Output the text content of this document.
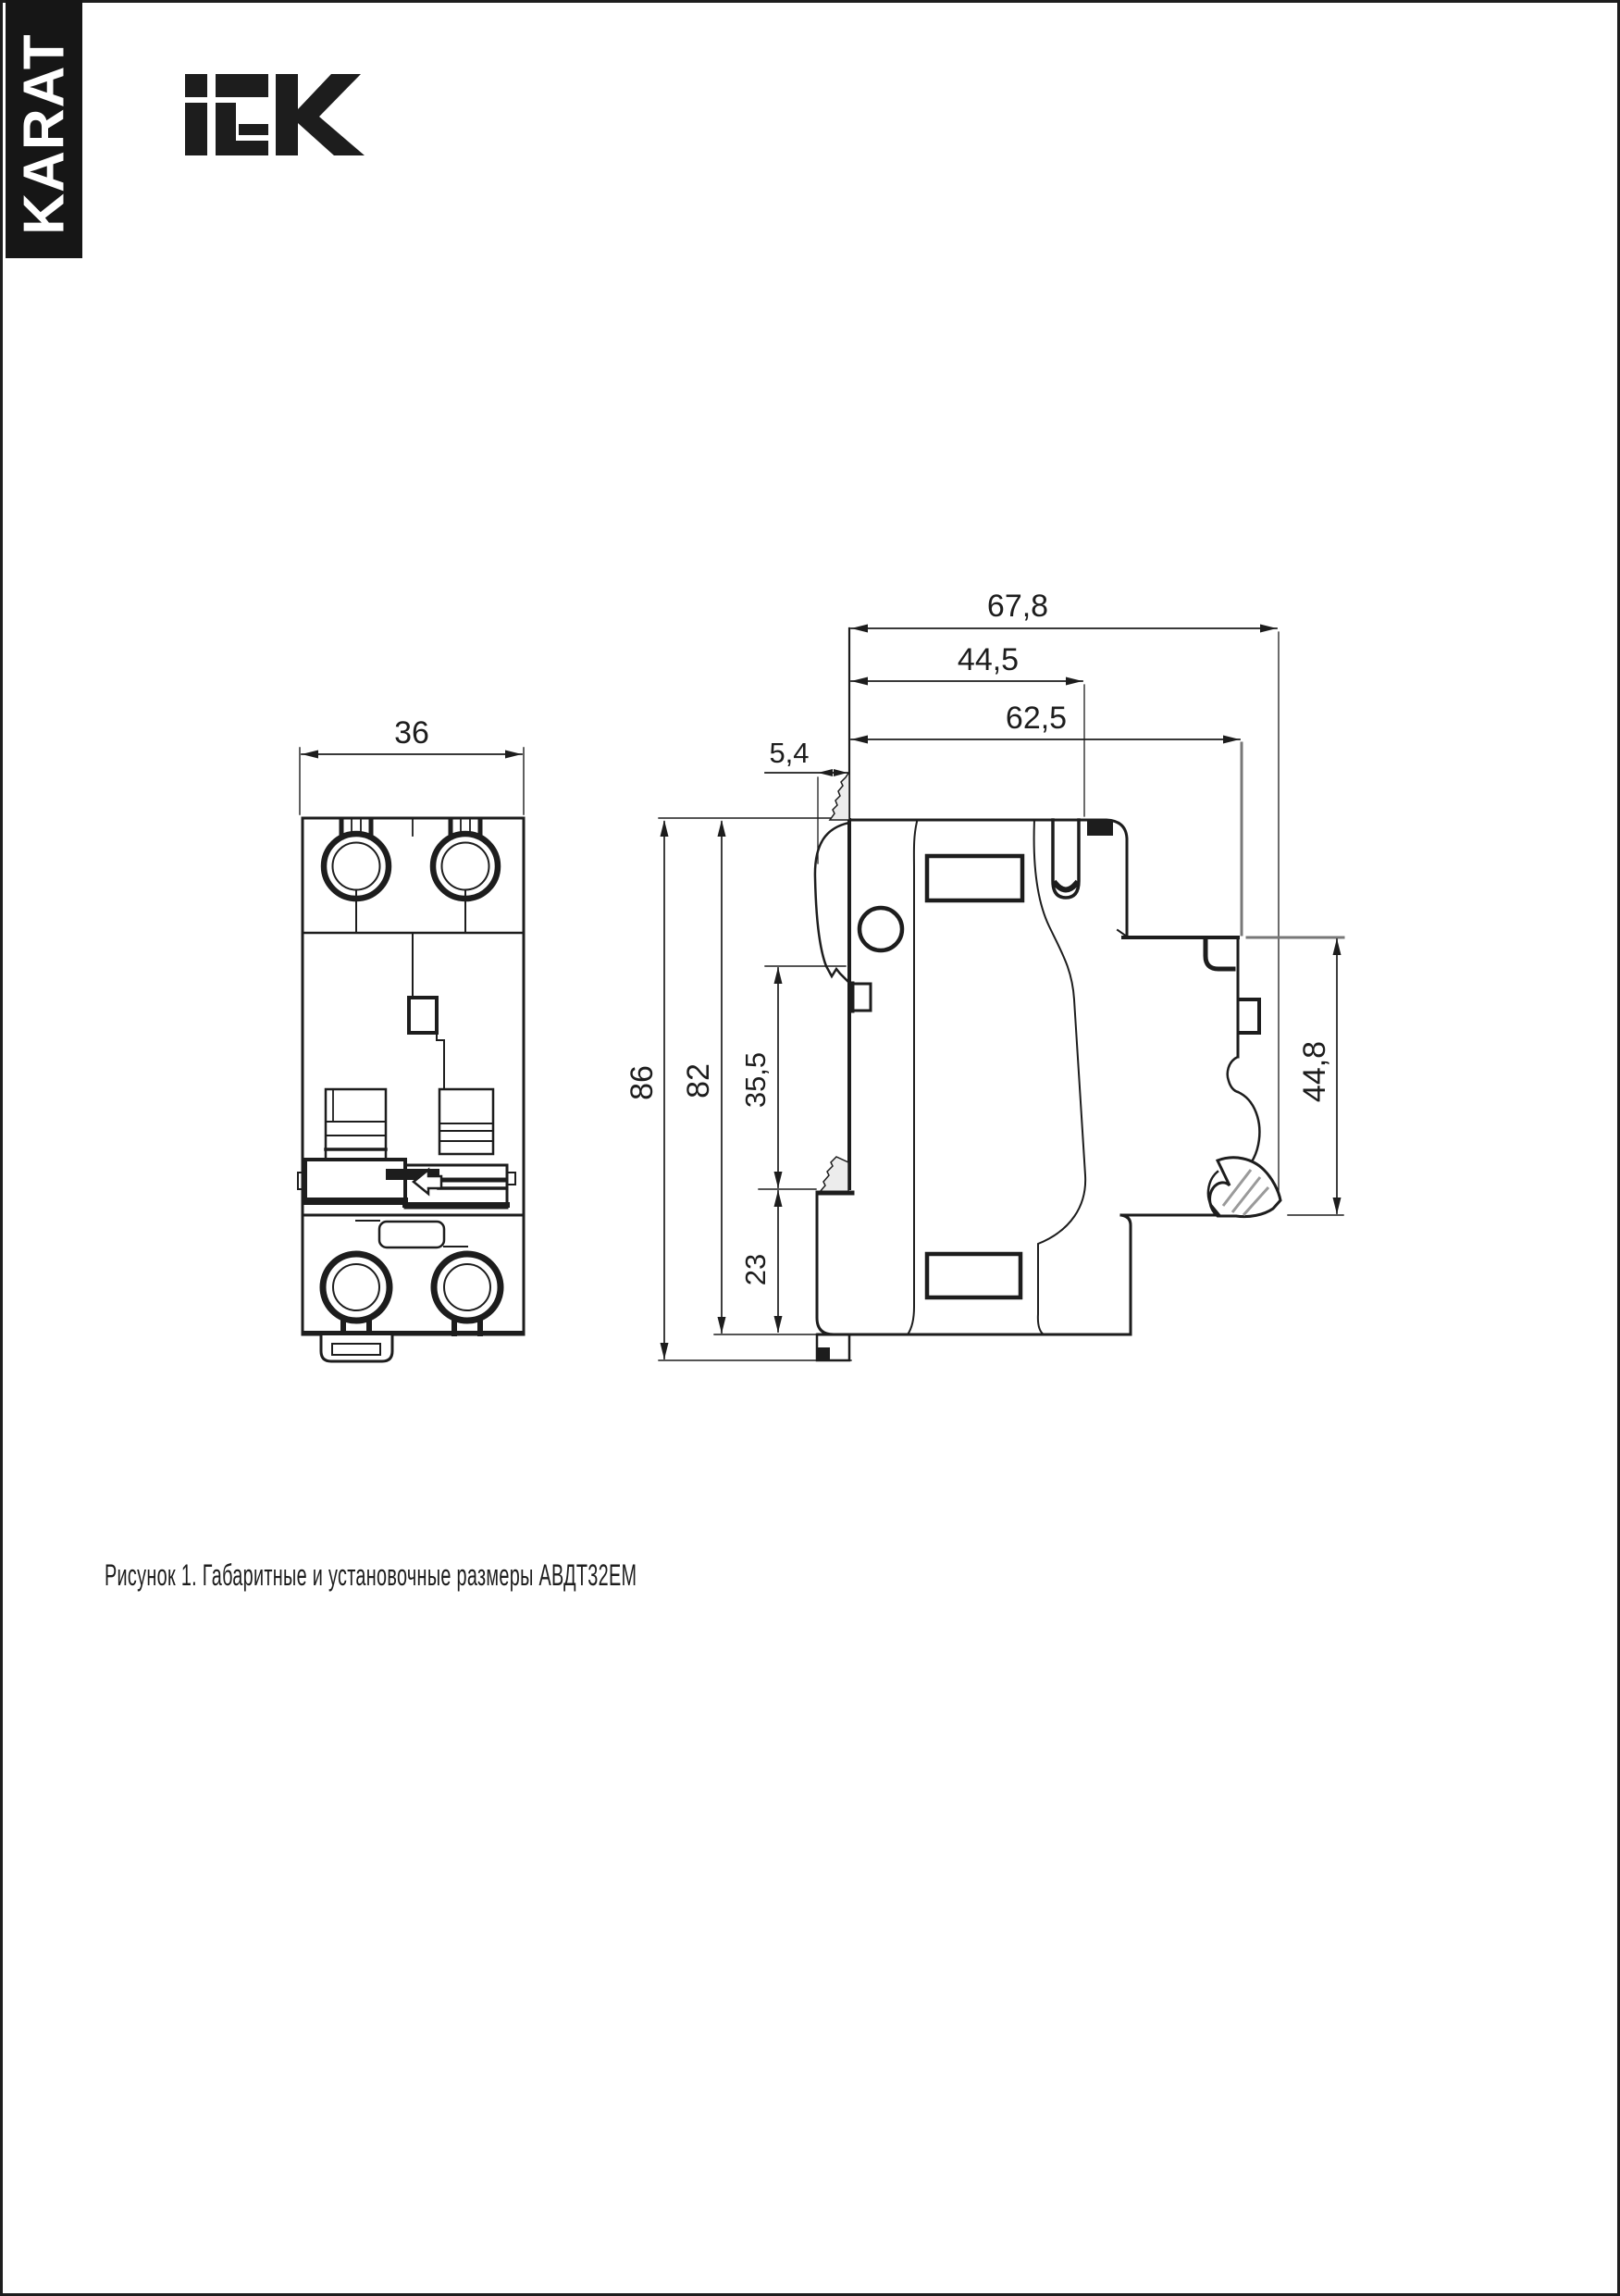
KARAT
36
67,8
44,5
62,5
5,4
86 82 35,5
23
44,8
Рисунок 1. Габаритные и установочные размеры АВДТ32ЕМ
